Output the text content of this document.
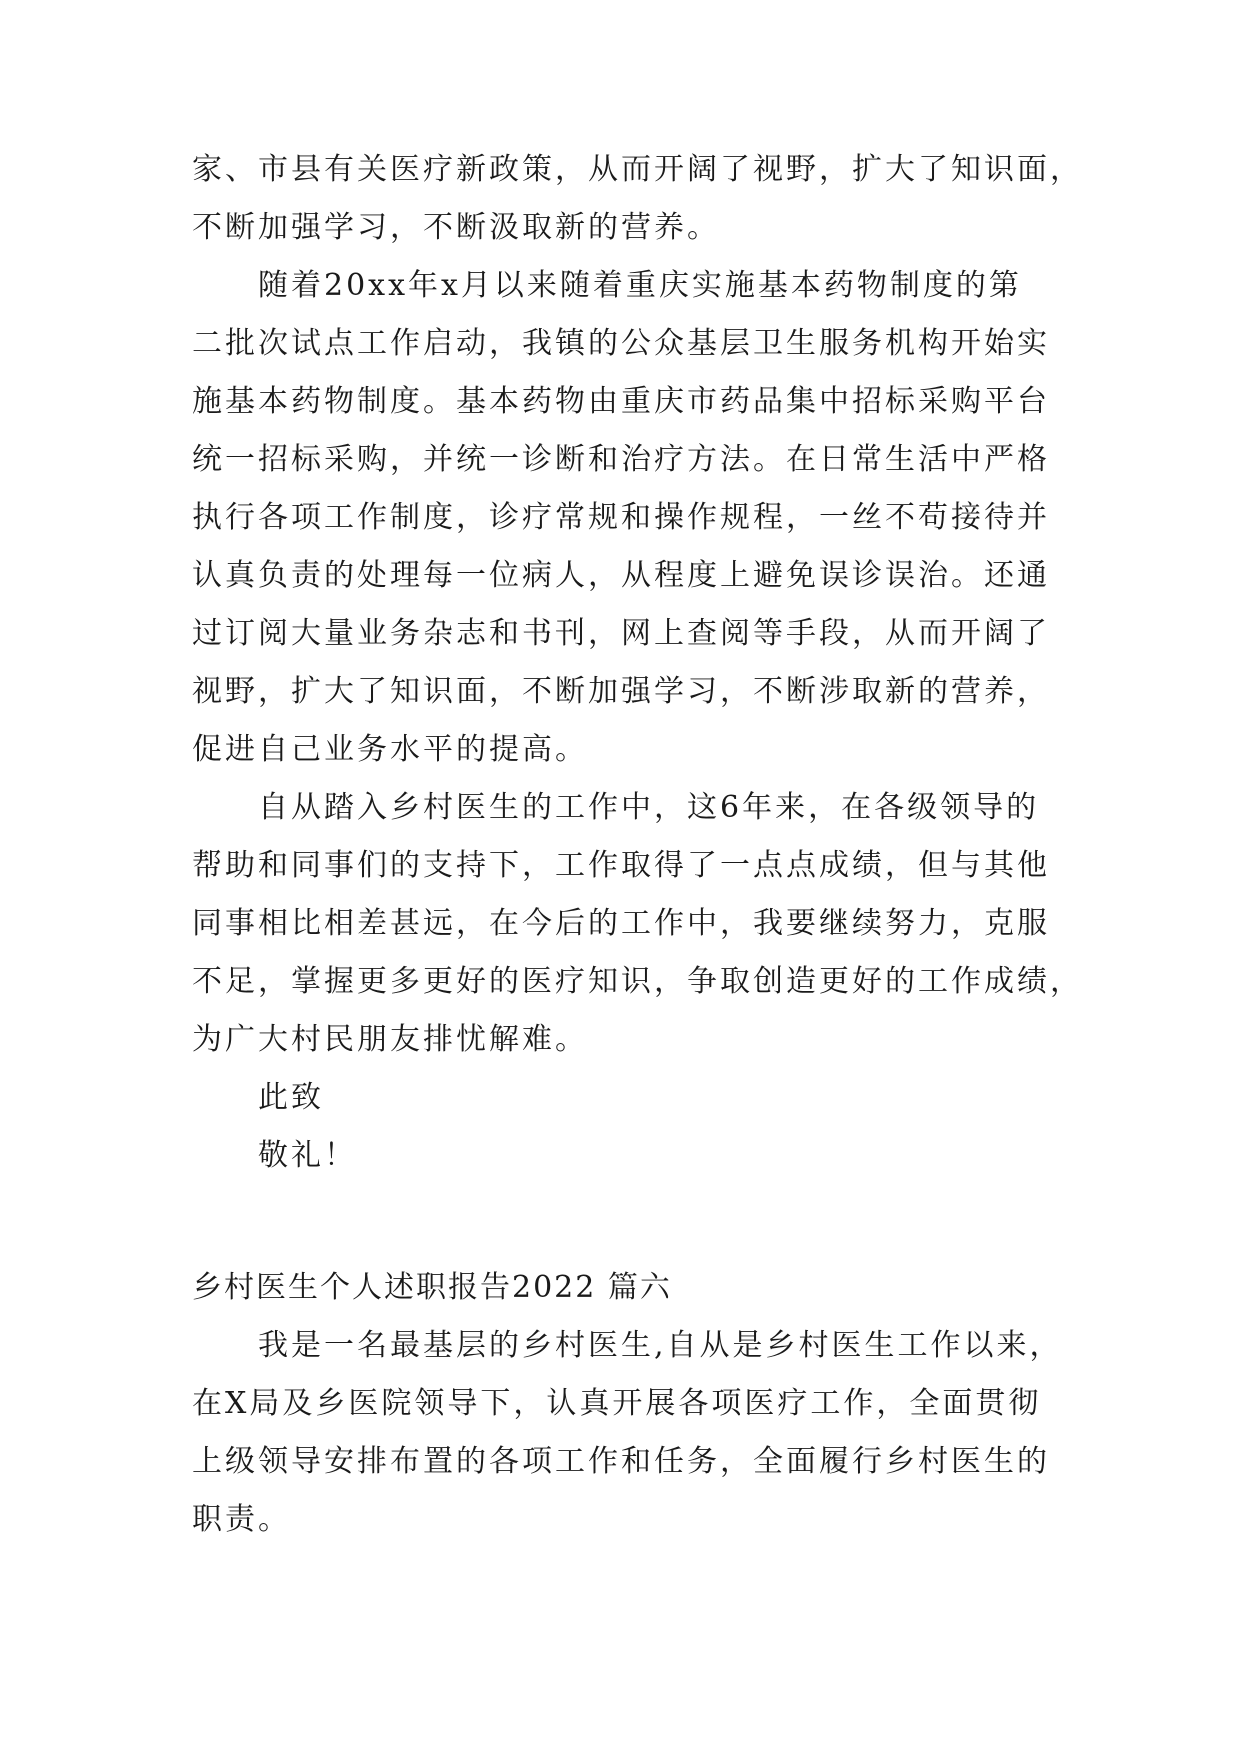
家、市县有关医疗新政策，从而开阔了视野，扩大了知识面，
不断加强学习，不断汲取新的营养。
随着20xx年x月以来随着重庆实施基本药物制度的第
二批次试点工作启动，我镇的公众基层卫生服务机构开始实
施基本药物制度。基本药物由重庆市药品集中招标采购平台
统一招标采购，并统一诊断和治疗方法。在日常生活中严格
执行各项工作制度，诊疗常规和操作规程，一丝不苟接待并
认真负责的处理每一位病人，从程度上避免误诊误治。还通
过订阅大量业务杂志和书刊，网上查阅等手段，从而开阔了
视野，扩大了知识面，不断加强学习，不断涉取新的营养，
促进自己业务水平的提高。
自从踏入乡村医生的工作中，这6年来，在各级领导的
帮助和同事们的支持下，工作取得了一点点成绩，但与其他
同事相比相差甚远，在今后的工作中，我要继续努力，克服
不足，掌握更多更好的医疗知识，争取创造更好的工作成绩，
为广大村民朋友排忧解难。
此致
敬礼！
乡村医生个人述职报告2022 篇六
我是一名最基层的乡村医生,自从是乡村医生工作以来，
在X局及乡医院领导下，认真开展各项医疗工作，全面贯彻
上级领导安排布置的各项工作和任务，全面履行乡村医生的
职责。
